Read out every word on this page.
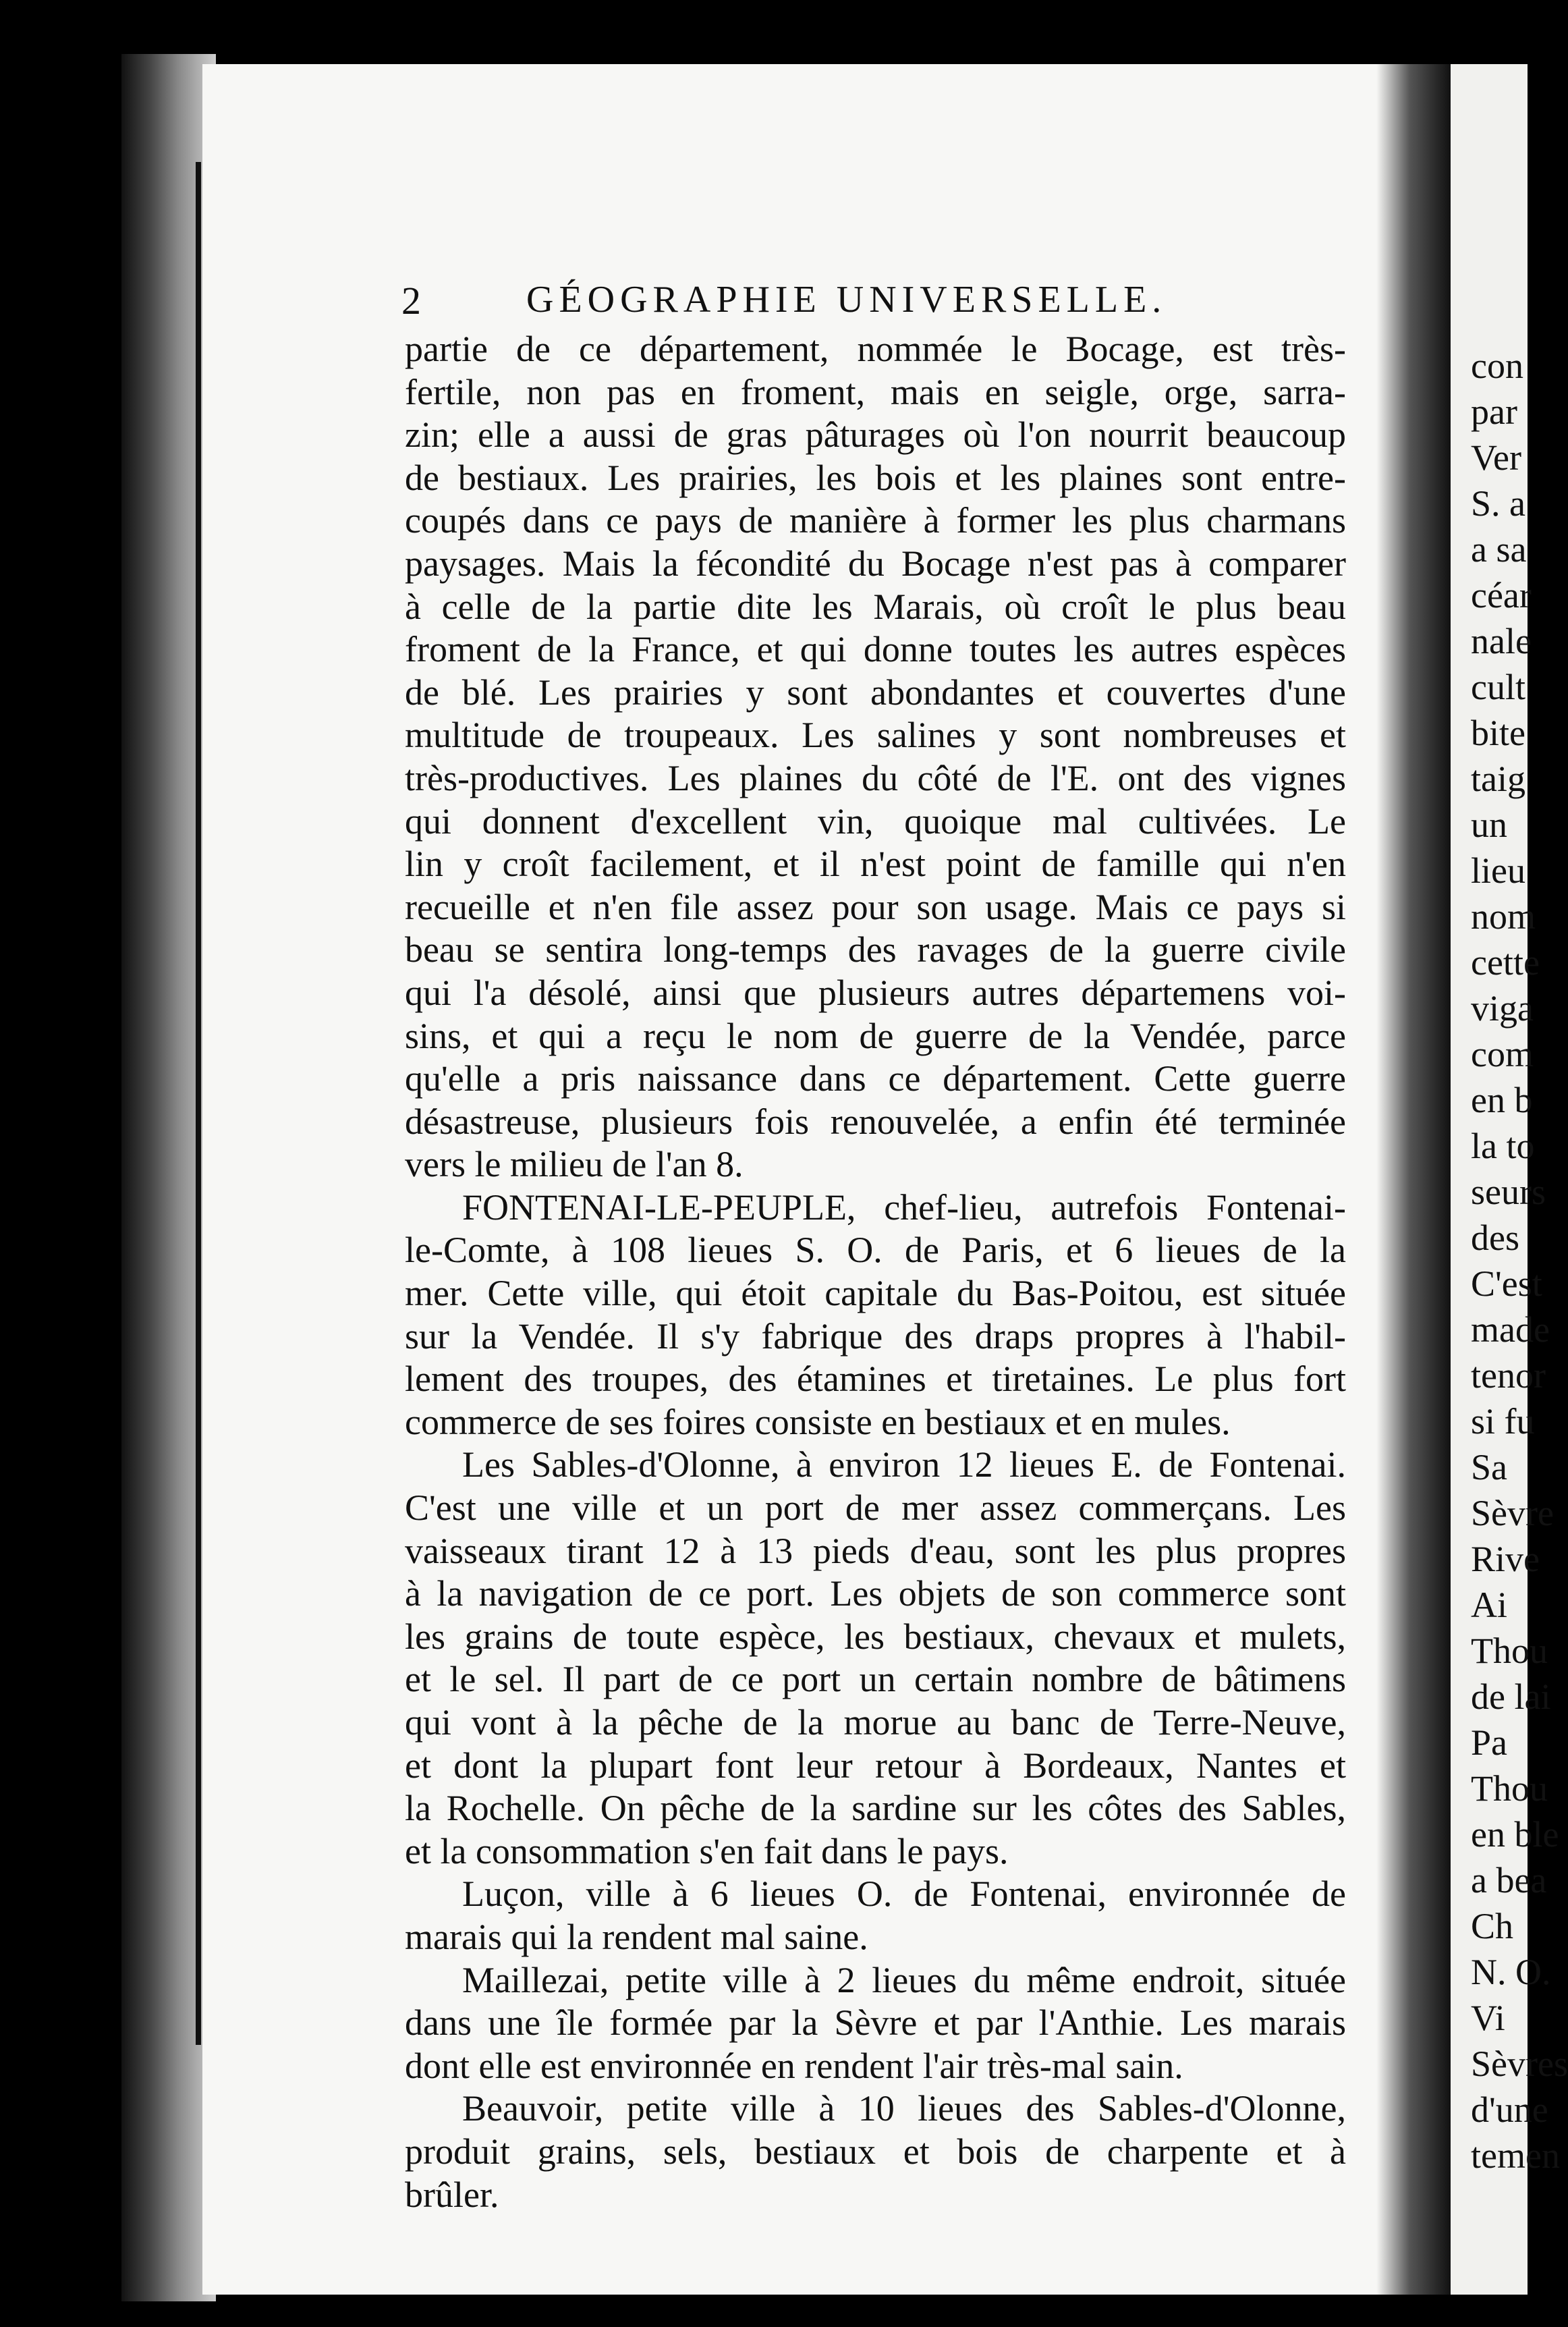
con
par
Ver
S. a
a sa
céar
nale
cult
bite
taig
un
lieu
nom
cette
viga
com
en b
la to
seurs
des
C'est
made
tenor
si fu
Sa
Sèvre
Rive
Ai
Thou
de lai
Pa
Thou
en ble
a bea
Ch
N. O.
Vi
Sèvres
d'une
temen
2	GÉOGRAPHIE UNIVERSELLE.
partie de ce département, nommée le Bocage, est très-
fertile, non pas en froment, mais en seigle, orge, sarra-
zin; elle a aussi de gras pâturages où l'on nourrit beaucoup
de bestiaux. Les prairies, les bois et les plaines sont entre-
coupés dans ce pays de manière à former les plus charmans
paysages. Mais la fécondité du Bocage n'est pas à comparer
à celle de la partie dite les Marais, où croît le plus beau
froment de la France, et qui donne toutes les autres espèces
de blé. Les prairies y sont abondantes et couvertes d'une
multitude de troupeaux. Les salines y sont nombreuses et
très-productives. Les plaines du côté de l'E. ont des vignes
qui donnent d'excellent vin, quoique mal cultivées. Le
lin y croît facilement, et il n'est point de famille qui n'en
recueille et n'en file assez pour son usage. Mais ce pays si
beau se sentira long-temps des ravages de la guerre civile
qui l'a désolé, ainsi que plusieurs autres départemens voi-
sins, et qui a reçu le nom de guerre de la Vendée, parce
qu'elle a pris naissance dans ce département. Cette guerre
désastreuse, plusieurs fois renouvelée, a enfin été terminée
vers le milieu de l'an 8.
FONTENAI-LE-PEUPLE, chef-lieu, autrefois Fontenai-
le-Comte, à 108 lieues S. O. de Paris, et 6 lieues de la
mer. Cette ville, qui étoit capitale du Bas-Poitou, est située
sur la Vendée. Il s'y fabrique des draps propres à l'habil-
lement des troupes, des étamines et tiretaines. Le plus fort
commerce de ses foires consiste en bestiaux et en mules.
Les Sables-d'Olonne, à environ 12 lieues E. de Fontenai.
C'est une ville et un port de mer assez commerçans. Les
vaisseaux tirant 12 à 13 pieds d'eau, sont les plus propres
à la navigation de ce port. Les objets de son commerce sont
les grains de toute espèce, les bestiaux, chevaux et mulets,
et le sel. Il part de ce port un certain nombre de bâtimens
qui vont à la pêche de la morue au banc de Terre-Neuve,
et dont la plupart font leur retour à Bordeaux, Nantes et
la Rochelle. On pêche de la sardine sur les côtes des Sables,
et la consommation s'en fait dans le pays.
Luçon, ville à 6 lieues O. de Fontenai, environnée de
marais qui la rendent mal saine.
Maillezai, petite ville à 2 lieues du même endroit, située
dans une île formée par la Sèvre et par l'Anthie. Les marais
dont elle est environnée en rendent l'air très-mal sain.
Beauvoir, petite ville à 10 lieues des Sables-d'Olonne,
produit grains, sels, bestiaux et bois de charpente et à
brûler.
